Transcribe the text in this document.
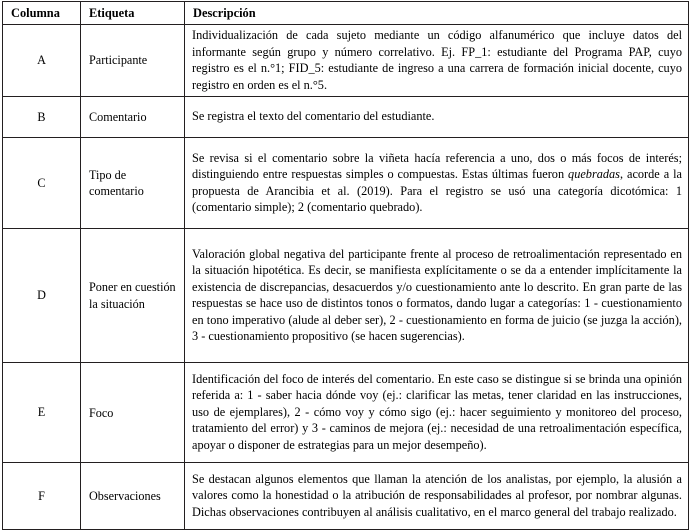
Columna	Etiqueta	Descripción
A	Participante	Individualización de cada sujeto mediante un código alfanumérico que incluye datos del informante según grupo y número correlativo. Ej. FP_1: estudiante del Programa PAP, cuyo registro es el n.°1; FID_5: estudiante de ingreso a una carrera de formación inicial docente, cuyo registro en orden es el n.°5.

B	Comentario	Se registra el texto del comentario del estudiante.

C	Tipo de comentario	Se revisa si el comentario sobre la viñeta hacía referencia a uno, dos o más focos de interés; distinguiendo entre respuestas simples o compuestas. Estas últimas fueron quebradas, acorde a la propuesta de Arancibia et al. (2019). Para el registro se usó una categoría dicotómica: 1 (comentario simple); 2 (comentario quebrado).

D	Poner en cuestión la situación	Valoración global negativa del participante frente al proceso de retroalimentación representado en la situación hipotética. Es decir, se manifiesta explícitamente o se da a entender implícitamente la existencia de discrepancias, desacuerdos y/o cuestionamiento ante lo descrito. En gran parte de las respuestas se hace uso de distintos tonos o formatos, dando lugar a categorías: 1 - cuestionamiento en tono imperativo (alude al deber ser), 2 - cuestionamiento en forma de juicio (se juzga la acción), 3 - cuestionamiento propositivo (se hacen sugerencias).

E	Foco	Identificación del foco de interés del comentario. En este caso se distingue si se brinda una opinión referida a: 1 - saber hacia dónde voy (ej.: clarificar las metas, tener claridad en las instrucciones, uso de ejemplares), 2 - cómo voy y cómo sigo (ej.: hacer seguimiento y monitoreo del proceso, tratamiento del error) y 3 - caminos de mejora (ej.: necesidad de una retroalimentación específica, apoyar o disponer de estrategias para un mejor desempeño).

F	Observaciones	Se destacan algunos elementos que llaman la atención de los analistas, por ejemplo, la alusión a valores como la honestidad o la atribución de responsabilidades al profesor, por nombrar algunas. Dichas observaciones contribuyen al análisis cualitativo, en el marco general del trabajo realizado.
